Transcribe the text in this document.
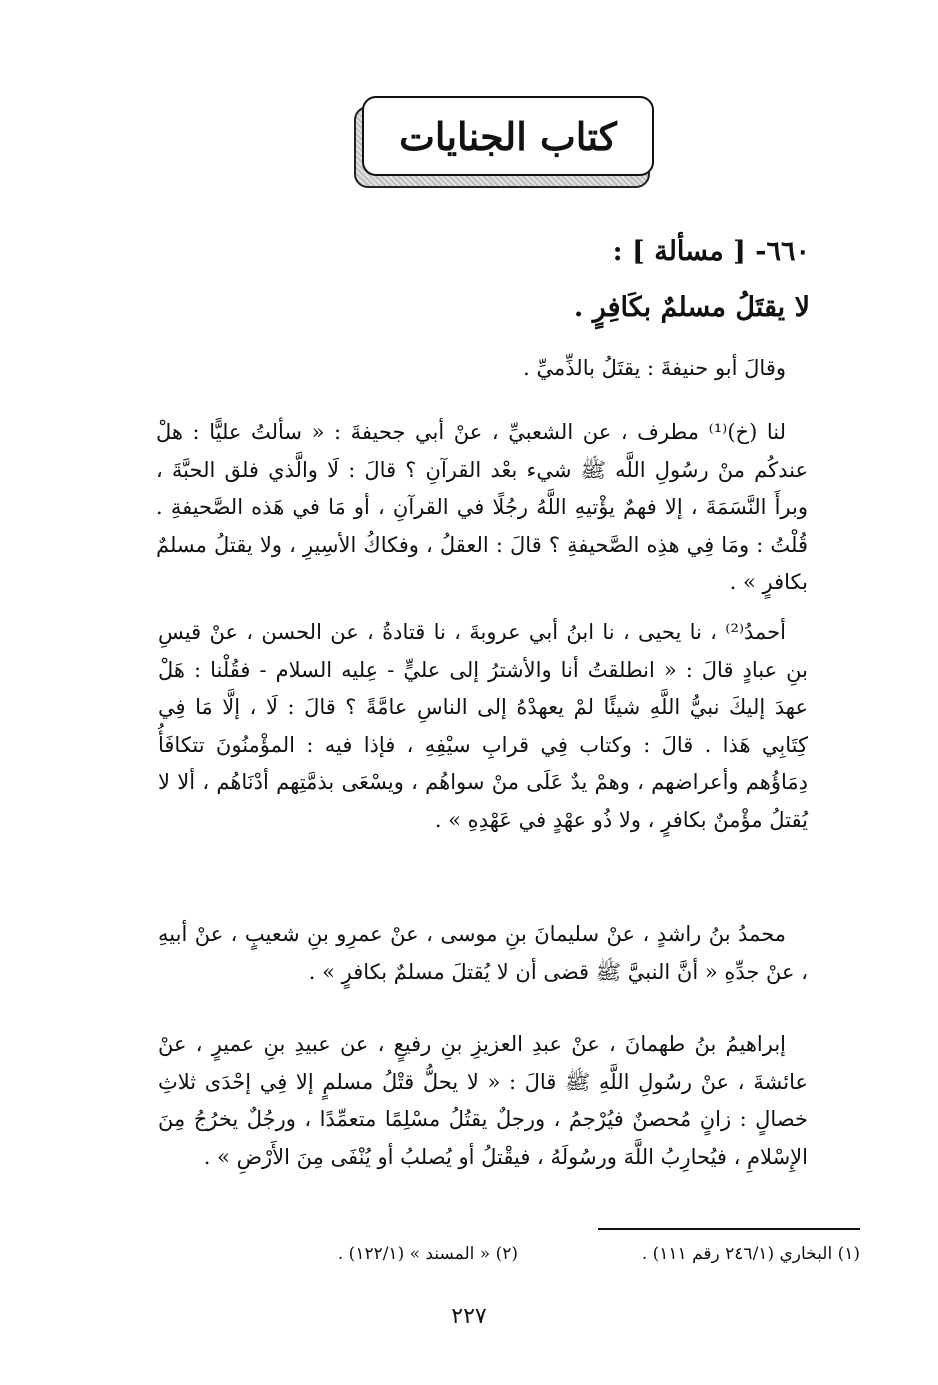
كتاب الجنايات
٦٦٠- [ مسألة ] :
لا يقتَلُ مسلمٌ بكَافِرٍ .
وقالَ أبو حنيفةَ : يقتَلُ بالذِّميِّ .
لنا (خ)⁽¹⁾ مطرف ، عن الشعبيِّ ، عنْ أبي جحيفةَ : « سألتُ عليًّا : هلْ عندكُم منْ رسُولِ اللَّه ﷺ شيء بعْد القرآنِ ؟ قالَ : لَا والَّذي فلق الحبَّةَ ، وبرأَ النَّسَمَةَ ، إلا فهمٌ يؤْتيهِ اللَّهُ رجُلًا في القرآنِ ، أو مَا في هَذه الصَّحيفةِ . قُلْتُ : ومَا فِي هذِه الصَّحيفةِ ؟ قالَ : العقلُ ، وفكاكُ الأسِيرِ ، ولا يقتلُ مسلمٌ بكافرٍ » .
أحمدُ⁽²⁾ ، نا يحيى ، نا ابنُ أبي عروبةَ ، نا قتادةُ ، عن الحسن ، عنْ قيسِ بنِ عبادٍ قالَ : « انطلقتُ أنا والأشترُ إلى عليٍّ - عِليه السلام - فقُلْنا : هَلْ عهدَ إليكَ نبيُّ اللَّهِ شيئًا لمْ يعهدْهُ إلى الناسِ عامَّةً ؟ قالَ : لَا ، إلَّا مَا فِي كِتَابِي هَذا . قالَ : وكتاب فِي قرابِ سيْفِهِ ، فإذا فيه : المؤْمنُونَ تتكافَأُ دِمَاؤُهم وأعراضهم ، وهمْ يدٌ عَلَى منْ سواهُم ، ويسْعَى بذمَّتِهم أدْنَاهُم ، ألا لا يُقتلُ مؤْمنٌ بكافرٍ ، ولا ذُو عهْدٍ في عَهْدِهِ » .
محمدُ بنُ راشدٍ ، عنْ سليمانَ بنِ موسى ، عنْ عمرِو بنِ شعيبٍ ، عنْ أبيهِ ، عنْ جدِّهِ « أنَّ النبيَّ ﷺ قضى أن لا يُقتلَ مسلمٌ بكافرٍ » .
إبراهيمُ بنُ طهمانَ ، عنْ عبدِ العزيزِ بنِ رفيعٍ ، عن عبيدِ بنِ عميرٍ ، عنْ عائشةَ ، عنْ رسُولِ اللَّهِ ﷺ قالَ : « لا يحلُّ قتْلُ مسلمٍ إلا فِي إحْدَى ثلاثِ خصالٍ : زانٍ مُحصنٌ فيُرْجمُ ، ورجلٌ يقتُلُ مسْلِمًا متعمِّدًا ، ورجُلٌ يخرُجُ مِنَ الإِسْلامِ ، فيُحارِبُ اللَّهَ ورسُولَهُ ، فيقْتلُ أو يُصلبُ أو يُنْفَى مِنَ الأَرْضِ » .
(١) البخاري (٢٤٦/١ رقم ١١١) .
(٢) « المسند » (١٢٢/١) .
٢٢٧
